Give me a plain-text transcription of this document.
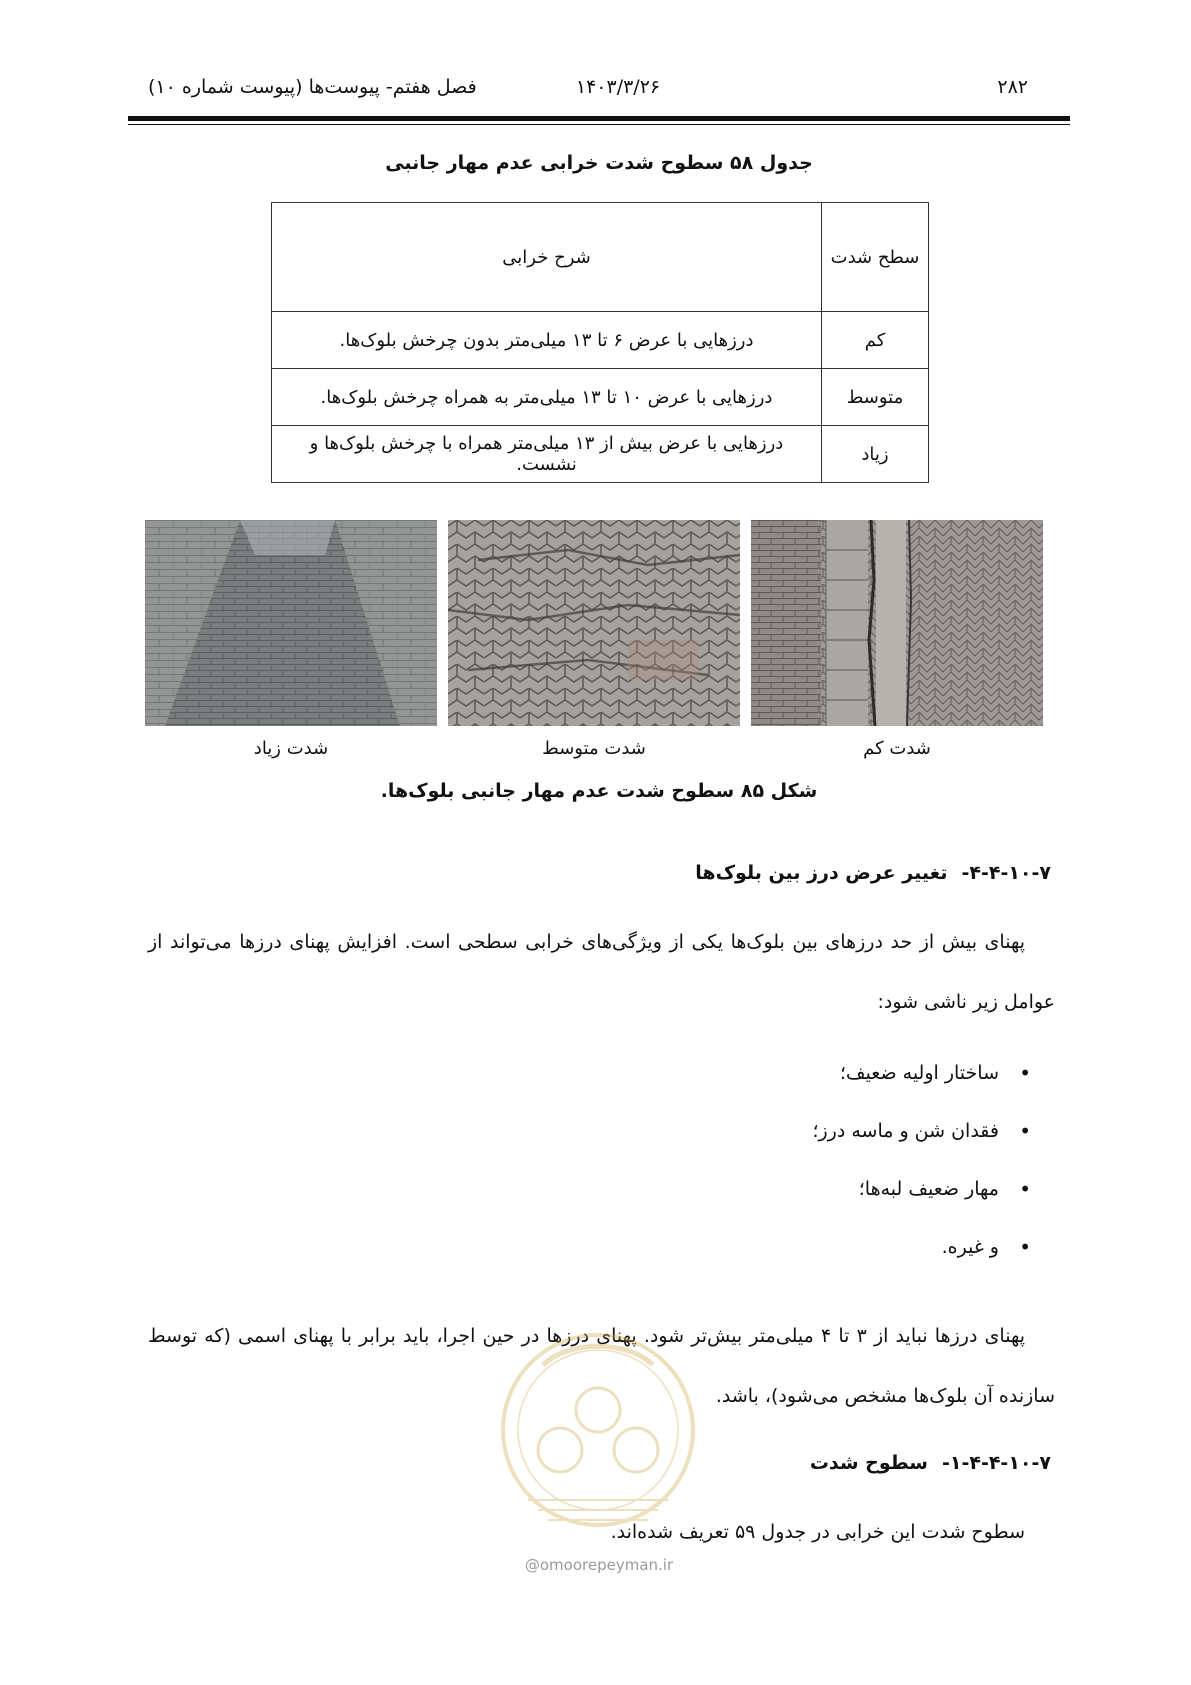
۲۸۲
۱۴۰۳/۳/۲۶
فصل هفتم- پیوست‌ها (پیوست شماره ۱۰)
جدول ۵۸ سطوح شدت خرابی عدم مهار جانبی
سطح شدت	شرح خرابی
کم	درزهایی با عرض ۶ تا ۱۳ میلی‌متر بدون چرخش بلوک‌ها.
متوسط	درزهایی با عرض ۱۰ تا ۱۳ میلی‌متر به همراه چرخش بلوک‌ها.
زیاد	درزهایی با عرض بیش از ۱۳ میلی‌متر همراه با چرخش بلوک‌ها و نشست.
شدت زیاد	شدت متوسط	شدت کم
شکل ۸۵ سطوح شدت عدم مهار جانبی بلوک‌ها.
۴-۴-۱۰-۷-تغییر عرض درز بین بلوک‌ها
پهنای بیش از حد درزهای بین بلوک‌ها یکی از ویژگی‌های خرابی سطحی است. افزایش پهنای درزها می‌تواند از عوامل زیر ناشی شود:
• ساختار اولیه ضعیف؛
• فقدان شن و ماسه درز؛
• مهار ضعیف لبه‌ها؛
• و غیره.
پهنای درزها نباید از ۳ تا ۴ میلی‌متر بیش‌تر شود. پهنای درزها در حین اجرا، باید برابر با پهنای اسمی (که توسط سازنده آن بلوک‌ها مشخص می‌شود)، باشد.
۱-۴-۴-۱۰-۷-سطوح شدت
سطوح شدت این خرابی در جدول ۵۹ تعریف شده‌اند.
@omoorepeyman.ir
